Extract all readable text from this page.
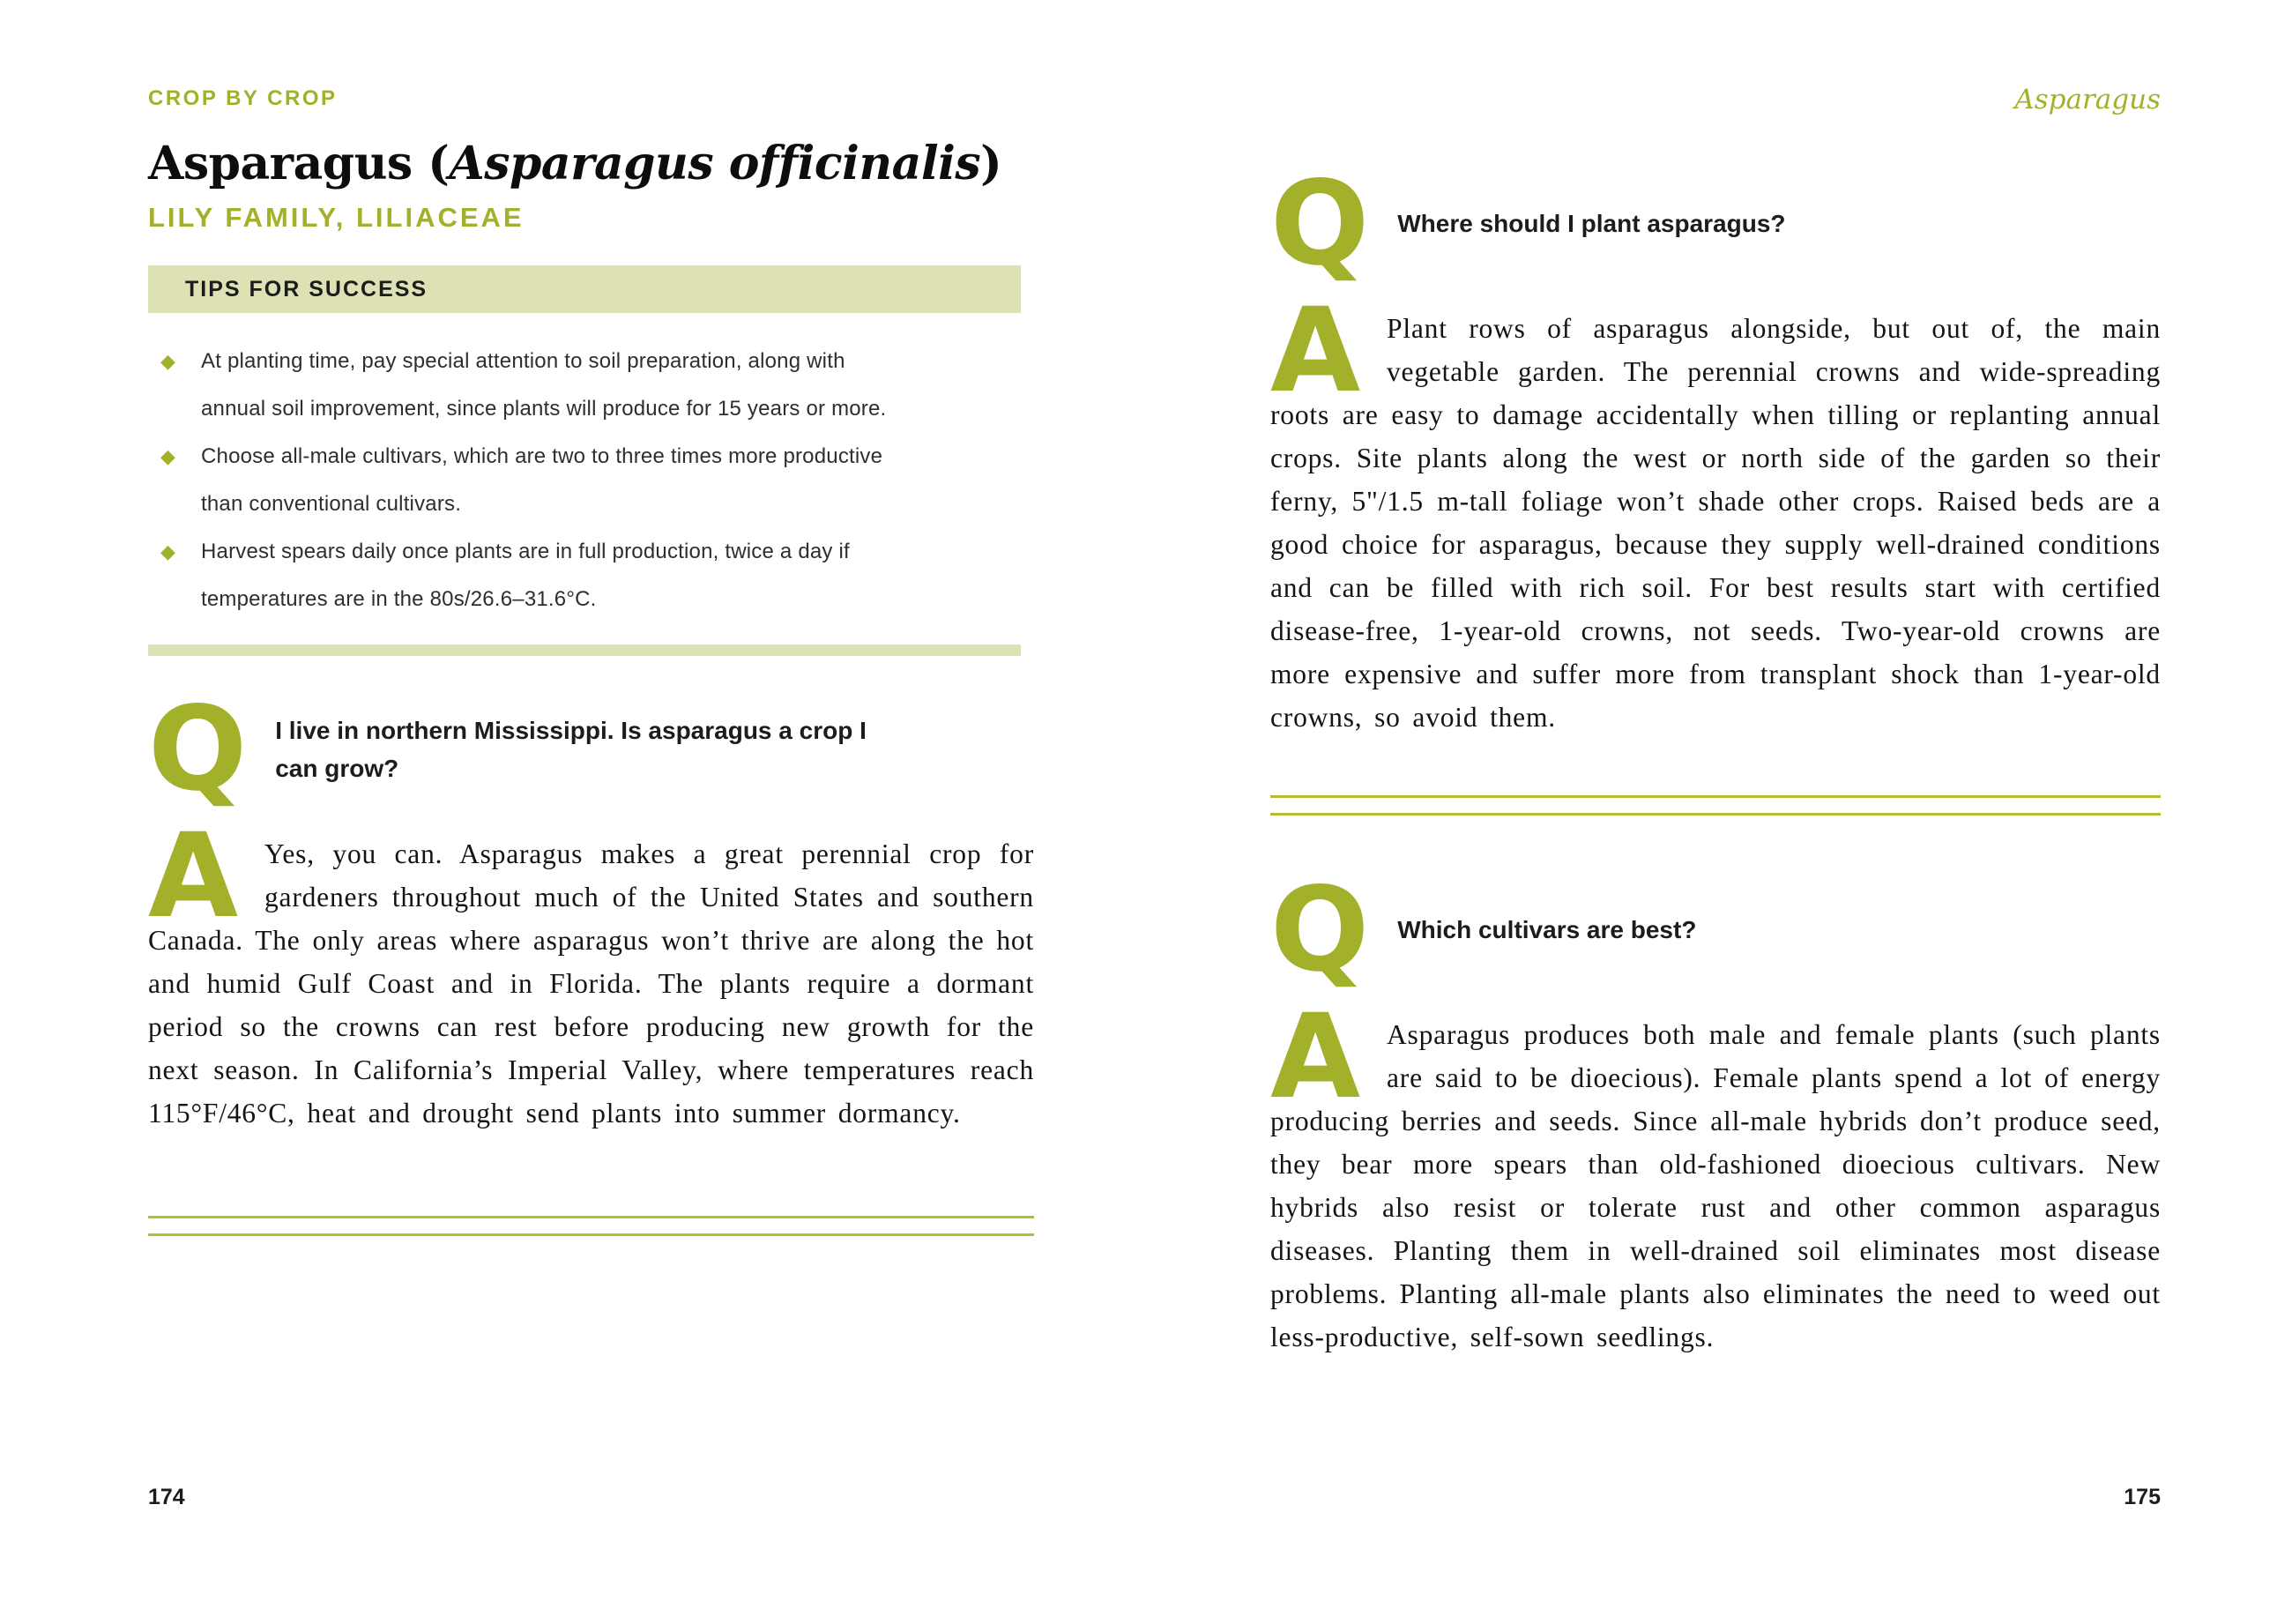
CROP BY CROP
Asparagus (Asparagus officinalis)
LILY FAMILY, LILIACEAE
TIPS FOR SUCCESS
◆	At planting time, pay special attention to soil preparation, along with annual soil improvement, since plants will produce for 15 years or more.
◆	Choose all-male cultivars, which are two to three times more productive than conventional cultivars.
◆	Harvest spears daily once plants are in full production, twice a day if temperatures are in the 80s/26.6–31.6°C.
Q I live in northern Mississippi. Is asparagus a crop I can grow?
A Yes, you can. Asparagus makes a great perennial crop for gardeners throughout much of the United States and southern Canada. The only areas where asparagus won’t thrive are along the hot and humid Gulf Coast and in Florida. The plants require a dormant period so the crowns can rest before producing new growth for the next season. In California’s Imperial Valley, where temperatures reach 115°F/46°C, heat and drought send plants into summer dormancy.

174
Asparagus
Q Where should I plant asparagus?
A Plant rows of asparagus alongside, but out of, the main vegetable garden. The perennial crowns and wide-spreading roots are easy to damage accidentally when tilling or replanting annual crops. Site plants along the west or north side of the garden so their ferny, 5"/1.5 m-tall foliage won’t shade other crops. Raised beds are a good choice for asparagus, because they supply well-drained conditions and can be filled with rich soil. For best results start with certified disease-free, 1-year-old crowns, not seeds. Two-year-old crowns are more expensive and suffer more from transplant shock than 1-year-old crowns, so avoid them.

Q Which cultivars are best?
A Asparagus produces both male and female plants (such plants are said to be dioecious). Female plants spend a lot of energy producing berries and seeds. Since all-male hybrids don’t produce seed, they bear more spears than old-fashioned dioecious cultivars. New hybrids also resist or tolerate rust and other common asparagus diseases. Planting them in well-drained soil eliminates most disease problems. Planting all-male plants also eliminates the need to weed out less-productive, self-sown seedlings.

175
